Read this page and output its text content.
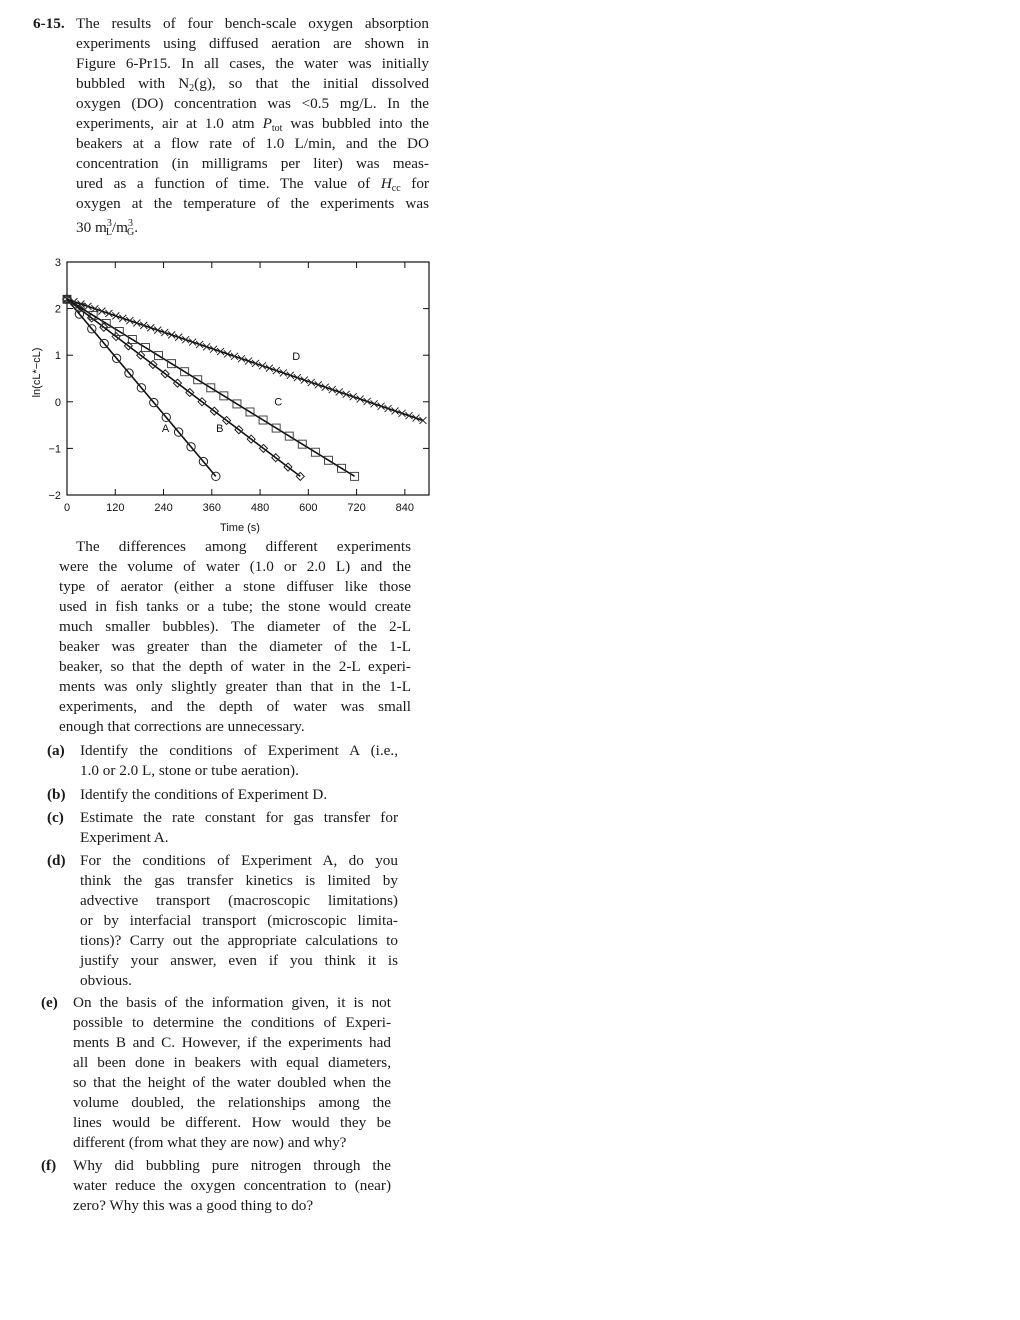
6-15. The results of four bench-scale oxygen absorption
experiments using diffused aeration are shown in
Figure 6-Pr15. In all cases, the water was initially
bubbled with $N_2(g)$, so that the initial dissolved
oxygen (DO) concentration was <0.5 mg/L. In the
experiments, air at 1.0 atm $P_{tot}$ was bubbled into the
beakers at a flow rate of 1.0 L/min, and the DO
concentration (in milligrams per liter) was meas-
ured as a function of time. The value of $H_{cc}$ for
oxygen at the temperature of the experiments was
30 $m^3_L/m^3_G$.
0	120	240	360	480	600	720	840
3
2
1
0
−1
−2
Time (s)
ln(cL*−cL)
A	B
C
D
The differences among different experiments
were the volume of water (1.0 or 2.0 L) and the
type of aerator (either a stone diffuser like those
used in fish tanks or a tube; the stone would create
much smaller bubbles). The diameter of the 2-L
beaker was greater than the diameter of the 1-L
beaker, so that the depth of water in the 2-L experi-
ments was only slightly greater than that in the 1-L
experiments, and the depth of water was small
enough that corrections are unnecessary.
(a) Identify the conditions of Experiment A (i.e.,
1.0 or 2.0 L, stone or tube aeration).
(b) Identify the conditions of Experiment D.
(c) Estimate the rate constant for gas transfer for
Experiment A.
(d) For the conditions of Experiment A, do you
think the gas transfer kinetics is limited by
advective transport (macroscopic limitations)
or by interfacial transport (microscopic limita-
tions)? Carry out the appropriate calculations to
justify your answer, even if you think it is
obvious.
(e) On the basis of the information given, it is not
possible to determine the conditions of Experi-
ments B and C. However, if the experiments had
all been done in beakers with equal diameters,
so that the height of the water doubled when the
volume doubled, the relationships among the
lines would be different. How would they be
different (from what they are now) and why?
(f) Why did bubbling pure nitrogen through the
water reduce the oxygen concentration to (near)
zero? Why this was a good thing to do?
